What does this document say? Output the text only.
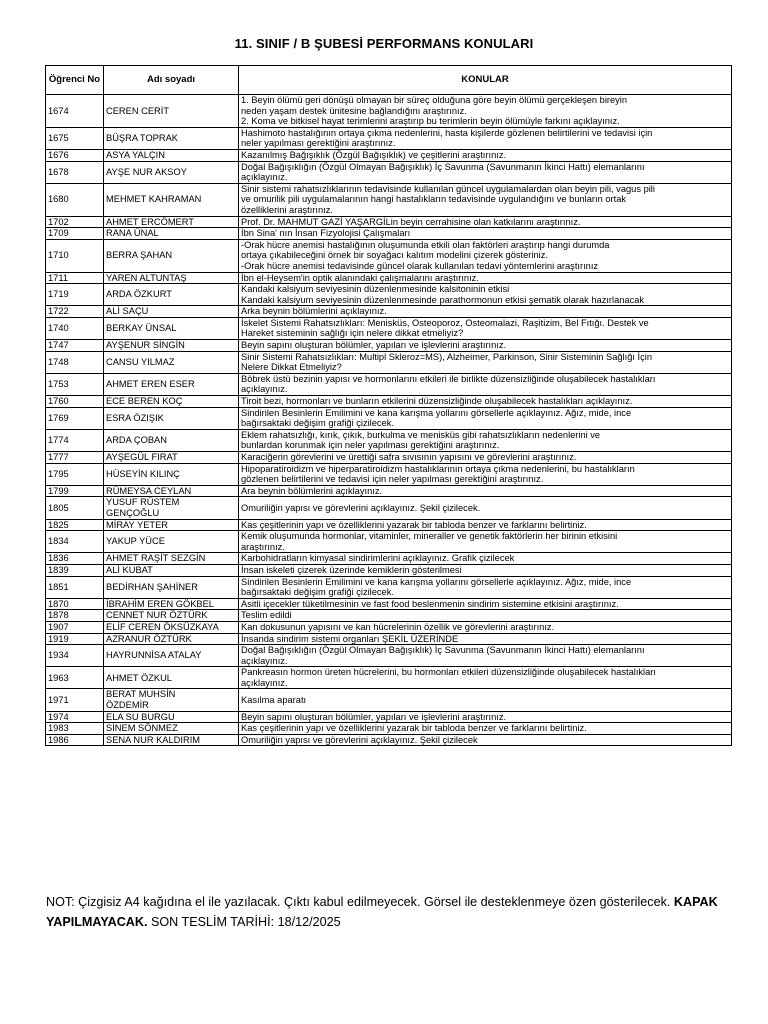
11. SINIF / B ŞUBESİ PERFORMANS KONULARI
Öğrenci No	Adı soyadı	KONULAR
1674	CEREN CERİT	1. Beyin ölümü geri dönüşü olmayan bir süreç olduğuna göre beyin ölümü gerçekleşen bireyin
neden yaşam destek ünitesine bağlandığını araştırınız.
2. Koma ve bitkisel hayat terimlerini araştırıp bu terimlerin beyin ölümüyle farkını açıklayınız.

1675	BÜŞRA TOPRAK	Hashimoto hastalığının ortaya çıkma nedenlerini, hasta kişilerde gözlenen belirtilerini ve tedavisi için
neler yapılması gerektiğini araştırınız.

1676	ASYA YALÇIN	Kazanılmış Bağışıklık (Özgül Bağışıklık) ve çeşitlerini araştırınız.

1678	AYŞE NUR AKSOY	Doğal Bağışıklığın (Özgül Olmayan Bağışıklık) İç Savunma (Savunmanın İkinci Hattı) elemanlarını
açıklayınız.

1680	MEHMET KAHRAMAN	Sinir sistemi rahatsızlıklarının tedavisinde kullanılan güncel uygulamalardan olan beyin pili, vagus pili
ve omurilik pili uygulamalarının hangi hastalıkların tedavisinde uygulandığını ve bunların ortak
özelliklerini araştırınız.

1702	AHMET ERCÖMERT	Prof. Dr. MAHMUT GAZİ YAŞARGİLin beyin cerrahisine olan katkılarını araştırınız.

1709	RANA ÜNAL	İbn Sina' nın İnsan Fizyolojisi Çalışmaları

1710	BERRA ŞAHAN	-Orak hücre anemisi hastalığının oluşumunda etkili olan faktörleri araştırıp hangi durumda
ortaya çıkabileceğini örnek bir soyağacı kalıtım modelini çizerek gösteriniz.
-Orak hücre anemisi tedavisinde güncel olarak kullanılan tedavi yöntemlerini araştırınız

1711	YAREN ALTUNTAŞ	İbn el-Heysem'in optik alanındaki çalışmalarını araştırınız.

1719	ARDA ÖZKURT	Kandaki kalsiyum seviyesinin düzenlenmesinde kalsitoninin etkisi
Kandaki kalsiyum seviyesinin düzenlenmesinde parathormonun etkisi şematik olarak hazırlanacak

1722	ALİ SAÇU	Arka beynin bölümlerini açıklayınız.

1740	BERKAY ÜNSAL	İskelet Sistemi Rahatsızlıkları: Menisküs, Osteoporoz, Osteomalazi, Raşitizim, Bel Fıtığı. Destek ve
Hareket sisteminin sağlığı için nelere dikkat etmeliyiz?

1747	AYŞENUR SİNGİN	Beyin sapını oluşturan bölümler, yapıları ve işlevlerini araştırınız.

1748	CANSU YILMAZ	Sinir Sistemi Rahatsızlıkları: Multipl Skleroz=MS), Alzheimer, Parkinson, Sinir Sisteminin Sağlığı İçin
Nelere Dikkat Etmeliyiz?

1753	AHMET EREN ESER	Böbrek üstü bezinin yapısı ve hormonlarını etkileri ile birlikte düzensizliğinde oluşabilecek hastalıkları
açıklayınız.

1760	ECE BEREN KOÇ	Tiroit bezi, hormonları ve bunların etkilerini düzensizliğinde oluşabilecek hastalıkları açıklayınız.

1769	ESRA ÖZIŞIK	Sindirilen Besinlerin Emilimini ve kana karışma yollarını görsellerle açıklayınız. Ağız, mide, ince
bağırsaktaki değişim grafiği çizilecek.

1774	ARDA ÇOBAN	Eklem rahatsızlığı, kırık, çıkık, burkulma ve menisküs gibi rahatsızlıkların nedenlerini ve
bunlardan korunmak için neler yapılması gerektiğini araştırınız.

1777	AYŞEGÜL FIRAT	Karaciğerin görevlerini ve ürettiği safra sıvısının yapısını ve görevlerini araştırınız.

1795	HÜSEYİN KILINÇ	Hipoparatiroidizm ve hiperparatiroidizm hastalıklarının ortaya çıkma nedenlerini, bu hastalıkların
gözlenen belirtilerini ve tedavisi için neler yapılması gerektiğini araştırınız.

1799	RÜMEYSA CEYLAN	Ara beynin bölümlerini açıklayınız.

1805	YUSUF RÜSTEM
GENÇOĞLU	Omuriliğin yapısı ve görevlerini açıklayınız. Şekil çizilecek.

1825	MİRAY YETER	Kas çeşitlerinin yapı ve özelliklerini yazarak bir tabloda benzer ve farklarını belirtiniz.

1834	YAKUP YÜCE	Kemik oluşumunda hormonlar, vitaminler, mineraller ve genetik faktörlerin her birinin etkisini
araştırınız.

1836	AHMET RAŞİT SEZGİN	Karbohidratların kimyasal sindirimlerini açıklayınız. Grafik çizilecek

1839	ALİ KUBAT	İnsan iskeleti çizerek üzerinde kemiklerin gösterilmesi

1851	BEDİRHAN ŞAHİNER	Sindirilen Besinlerin Emilimini ve kana karışma yollarını görsellerle açıklayınız. Ağız, mide, ince
bağırsaktaki değişim grafiği çizilecek.

1870	İBRAHİM EREN GÖKBEL	Asitli içecekler tüketilmesinin ve fast food beslenmenin sindirim sistemine etkisini araştırınız.

1878	CENNET NUR ÖZTÜRK	Teslim edildi

1907	ELİF CEREN ÖKSÜZKAYA	Kan dokusunun yapısını ve kan hücrelerinin özellik ve görevlerini araştırınız.

1919	AZRANUR ÖZTÜRK	İnsanda sindirim sistemi organları ŞEKİL ÜZERİNDE

1934	HAYRUNNİSA ATALAY	Doğal Bağışıklığın (Özgül Olmayan Bağışıklık) İç Savunma (Savunmanın İkinci Hattı) elemanlarını
açıklayınız.

1963	AHMET ÖZKUL	Pankreasın hormon üreten hücrelerini, bu hormonları etkileri düzensizliğinde oluşabilecek hastalıkları
açıklayınız.

1971	BERAT MUHSİN
ÖZDEMİR	Kasılma aparatı

1974	ELA SU BURGU	Beyin sapını oluşturan bölümler, yapıları ve işlevlerini araştırınız.

1983	SİNEM SÖNMEZ	Kas çeşitlerinin yapı ve özelliklerini yazarak bir tabloda benzer ve farklarını belirtiniz.

1986	SENA NUR KALDIRIM	Omuriliğin yapısı ve görevlerini açıklayınız. Şekil çizilecek
NOT: Çizgisiz A4 kağıdına el ile yazılacak. Çıktı kabul edilmeyecek. Görsel ile desteklenmeye özen gösterilecek. KAPAK YAPILMAYACAK. SON TESLİM TARİHİ: 18/12/2025
